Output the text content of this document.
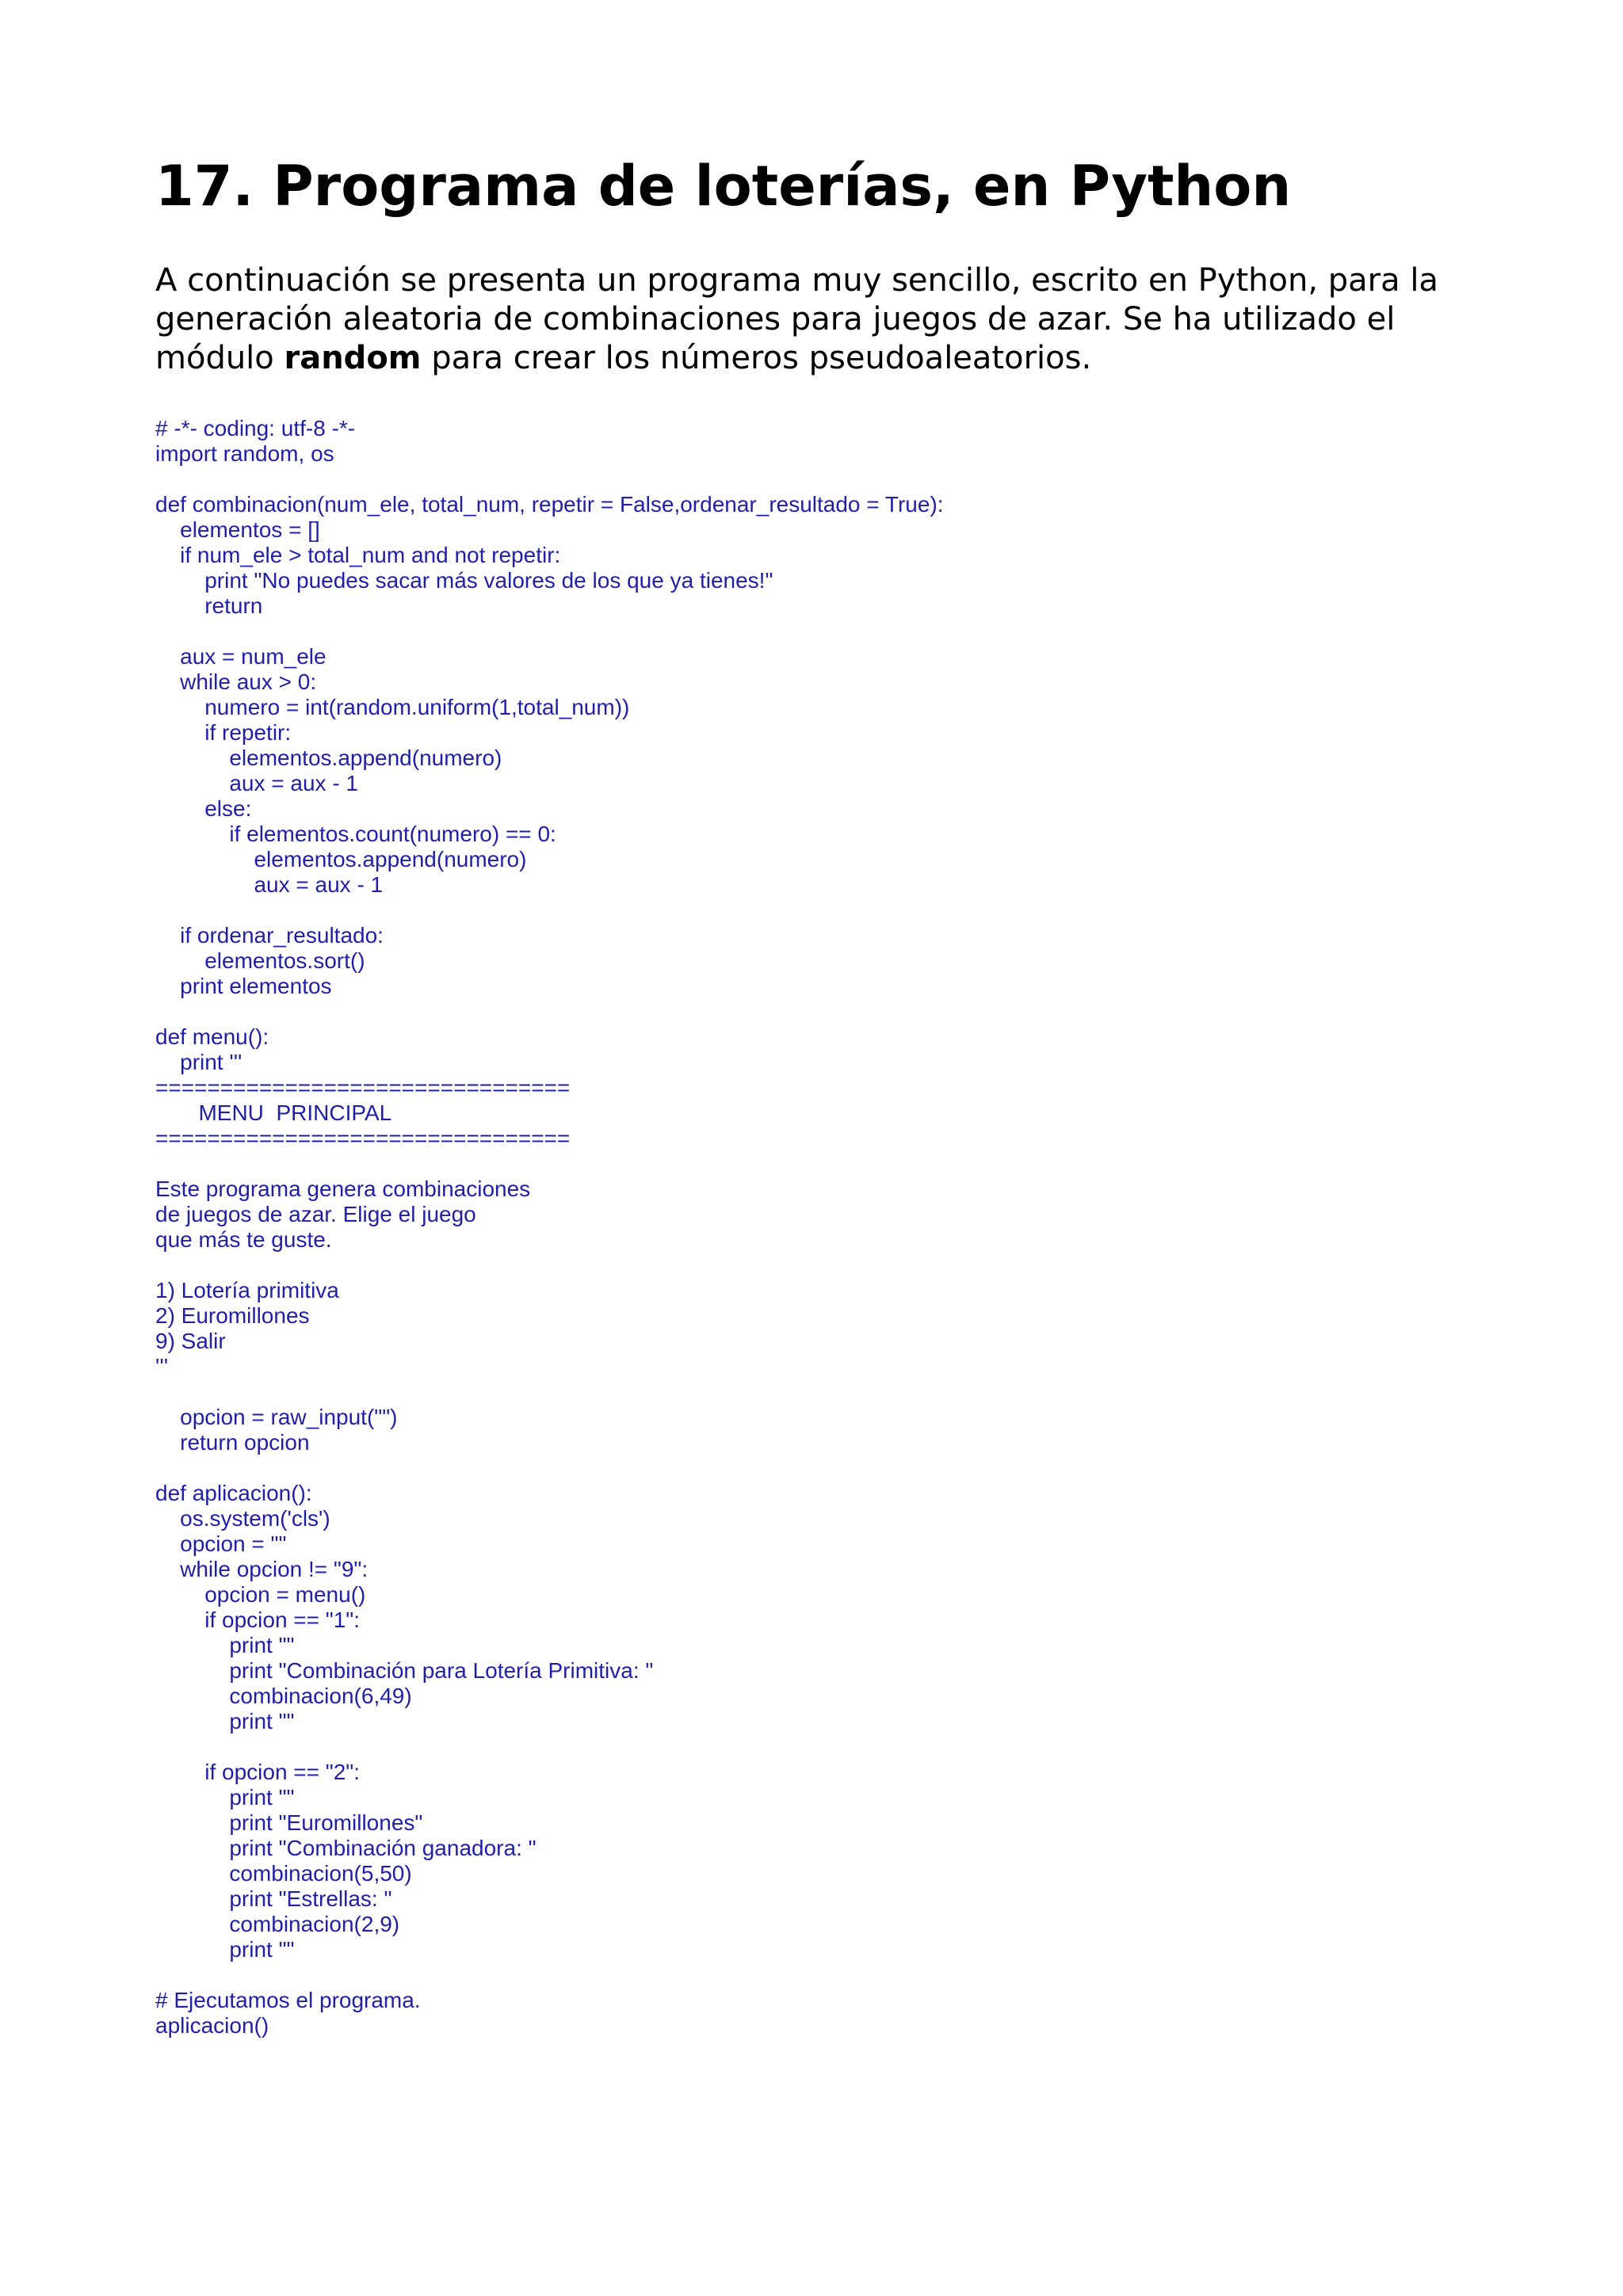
17. Programa de loterías, en Python

A continuación se presenta un programa muy sencillo, escrito en Python, para la generación aleatoria de combinaciones para juegos de azar. Se ha utilizado el módulo random para crear los números pseudoaleatorios.

# -*- coding: utf-8 -*-
import random, os
def combinacion(num_ele, total_num, repetir = False,ordenar_resultado = True):
elementos = []
if num_ele > total_num and not repetir:
print "No puedes sacar más valores de los que ya tienes!"
return
aux = num_ele
while aux > 0:
numero = int(random.uniform(1,total_num))
if repetir:
elementos.append(numero)
aux = aux - 1
else:
if elementos.count(numero) == 0:
elementos.append(numero)
aux = aux - 1
if ordenar_resultado:
elementos.sort()
print elementos
def menu():
print '''
================================
MENU  PRINCIPAL
================================
Este programa genera combinaciones
de juegos de azar. Elige el juego
que más te guste.
1) Lotería primitiva
2) Euromillones
9) Salir
'''
opcion = raw_input("")
return opcion
def aplicacion():
os.system('cls')
opcion = ""
while opcion != "9":
opcion = menu()
if opcion == "1":
print ""
print "Combinación para Lotería Primitiva: "
combinacion(6,49)
print ""
if opcion == "2":
print ""
print "Euromillones"
print "Combinación ganadora: "
combinacion(5,50)
print "Estrellas: "
combinacion(2,9)
print ""
# Ejecutamos el programa.
aplicacion()
